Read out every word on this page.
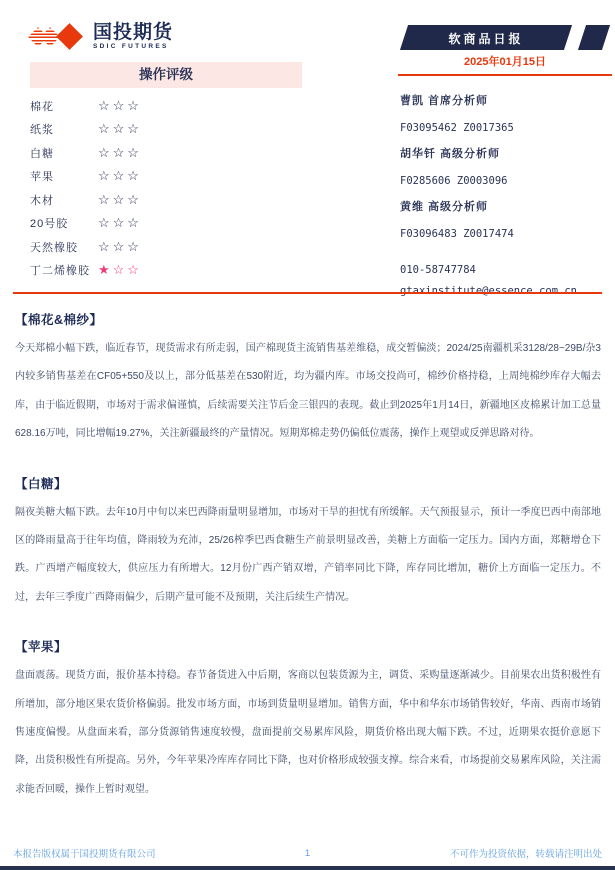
国投期货
SDIC FUTURES
软商品日报
2025年01月15日
操作评级
棉花	☆☆☆
纸浆	☆☆☆
白糖	☆☆☆
苹果	☆☆☆
木材	☆☆☆
20号胶	☆☆☆
天然橡胶	☆☆☆
丁二烯橡胶 ★☆☆
曹凯 首席分析师
F03095462 Z0017365
胡华钎 高级分析师
F0285606 Z0003096
黄维 高级分析师
F03096483 Z0017474
010-58747784
gtaxinstitute@essence.com.cn
【棉花&棉纱】

今天郑棉小幅下跌，临近春节，现货需求有所走弱，国产棉现货主流销售基差维稳，成交暂偏淡；2024/25南疆机采3128/28~29B/杂3内较多销售基差在CF05+550及以上，部分低基差在530附近，均为疆内库。市场交投尚可，棉纱价格持稳，上周纯棉纱库存大幅去库，由于临近假期，市场对于需求偏谨慎，后续需要关注节后金三银四的表现。截止到2025年1月14日，新疆地区皮棉累计加工总量628.16万吨，同比增幅19.27%，关注新疆最终的产量情况。短期郑棉走势仍偏低位震荡，操作上观望或反弹思路对待。

【白糖】

隔夜美糖大幅下跌。去年10月中旬以来巴西降雨量明显增加，市场对干旱的担忧有所缓解。天气预报显示，预计一季度巴西中南部地区的降雨量高于往年均值，降雨较为充沛，25/26榨季巴西食糖生产前景明显改善，美糖上方面临一定压力。国内方面，郑糖增仓下跌。广西增产幅度较大，供应压力有所增大。12月份广西产销双增，产销率同比下降，库存同比增加，糖价上方面临一定压力。不过，去年三季度广西降雨偏少，后期产量可能不及预期，关注后续生产情况。

【苹果】

盘面震荡。现货方面，报价基本持稳。春节备货进入中后期，客商以包装货源为主，调货、采购量逐渐减少。目前果农出货积极性有所增加，部分地区果农货价格偏弱。批发市场方面，市场到货量明显增加。销售方面，华中和华东市场销售较好，华南、西南市场销售速度偏慢。从盘面来看，部分货源销售速度较慢，盘面提前交易累库风险，期货价格出现大幅下跌。不过，近期果农挺价意愿下降，出货积极性有所提高。另外，今年苹果冷库库存同比下降，也对价格形成较强支撑。综合来看，市场提前交易累库风险，关注需求能否回暖，操作上暂时观望。

本报告版权属于国投期货有限公司	1	不可作为投资依据，转载请注明出处
